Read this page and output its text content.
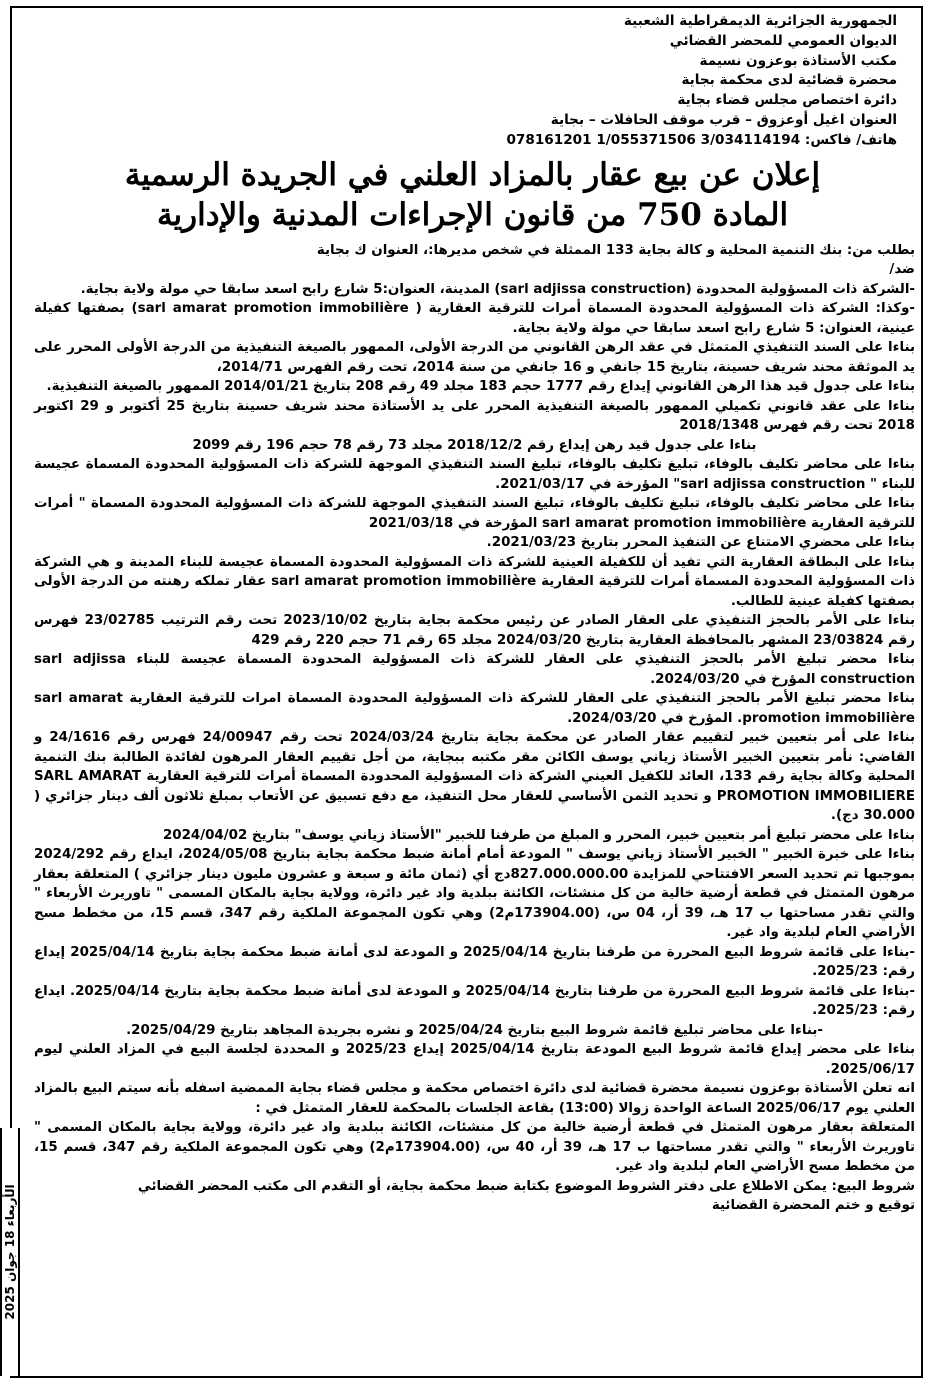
الجمهورية الجزائرية الديمقراطية الشعبية
الديوان العمومي للمحضر القضائي
مكتب الأستاذة بوعزون نسيمة
محضرة قضائية لدى محكمة بجاية
دائرة اختصاص مجلس قضاء بجاية
العنوان اغيل أوعزوق – قرب موقف الحافلات – بجاية
هاتف/ فاكس: 078161201 1/055371506 3/034114194
إعلان عن بيع عقار بالمزاد العلني في الجريدة الرسمية
المادة 750 من قانون الإجراءات المدنية والإدارية

بطلب من: بنك التنمية المحلية و كالة بجاية 133 الممثلة في شخص مديرها:، العنوان ك بجاية

ضد/

-الشركة ذات المسؤولية المحدودة (sarl adjissa construction) المدينة، العنوان:5 شارع رابح اسعد سابقا حي مولة ولاية بجاية.

-وكذا: الشركة ذات المسؤولية المحدودة المسماة أمرات للترقية العقارية ( sarl amarat promotion immobilière) بصفتها كفيلة عينية، العنوان: 5 شارع رابح اسعد سابقا حي مولة ولاية بجاية.

بناءا على السند التنفيذي المتمثل في عقد الرهن القانوني من الدرجة الأولى، الممهور بالصيغة التنفيذية من الدرجة الأولى المحرر على يد الموثقة محند شريف حسينة، بتاريخ 15 جانفي و 16 جانفي من سنة 2014، تحت رقم الفهرس 2014/71،

بناءا على جدول قيد هذا الرهن القانوني إيداع رقم 1777 حجم 183 مجلد 49 رقم 208 بتاريخ 2014/01/21 الممهور بالصيغة التنفيذية.

بناءا على عقد قانوني تكميلي الممهور بالصيغة التنفيذية المحرر على يد الأستاذة محند شريف حسينة بتاريخ 25 أكتوبر و 29 اكتوبر 2018 تحت رقم فهرس 2018/1348

بناءا على جدول قيد رهن إيداع رقم 2018/12/2 مجلد 73 رقم 78 حجم 196 رقم 2099

بناءا على محاضر تكليف بالوفاء، تبليغ تكليف بالوفاء، تبليغ السند التنفيذي الموجهة للشركة ذات المسؤولية المحدودة المسماة عجيسة للبناء " sarl adjissa construction" المؤرخة في 2021/03/17.

بناءا على محاضر تكليف بالوفاء، تبليغ تكليف بالوفاء، تبليغ السند التنفيذي الموجهة للشركة ذات المسؤولية المحدودة المسماة " أمرات للترقية العقارية sarl amarat promotion immobilière المؤرخة في 2021/03/18

بناءا على محضري الامتناع عن التنفيذ المحرر بتاريخ 2021/03/23.

بناءا على البطاقة العقارية التي تفيد أن للكفيلة العينية للشركة ذات المسؤولية المحدودة المسماة عجيسة للبناء المدينة و هي الشركة ذات المسؤولية المحدودة المسماة أمرات للترقية العقارية sarl amarat promotion immobilière عقار تملكه رهنته من الدرجة الأولى بصفتها كفيلة عينية للطالب.

بناءا على الأمر بالحجز التنفيذي على العقار الصادر عن رئيس محكمة بجاية بتاريخ 2023/10/02 تحت رقم الترتيب 23/02785 فهرس رقم 23/03824 المشهر بالمحافظة العقارية بتاريخ 2024/03/20 مجلد 65 رقم 71 حجم 220 رقم 429

بناءا محضر تبليغ الأمر بالحجز التنفيذي على العقار للشركة ذات المسؤولية المحدودة المسماة عجيسة للبناء sarl adjissa construction المؤرخ في 2024/03/20.

بناءا محضر تبليغ الأمر بالحجز التنفيذي على العقار للشركة ذات المسؤولية المحدودة المسماة امرات للترقية العقارية sarl amarat promotion immobilière. المؤرخ في 2024/03/20.

بناءا على أمر بتعيين خبير لتقييم عقار الصادر عن محكمة بجاية بتاريخ 2024/03/24 تحت رقم 24/00947 فهرس رقم 24/1616 و القاضي: نأمر بتعيين الخبير الأستاذ زياني يوسف الكائن مقر مكتبه ببجاية، من أجل تقييم العقار المرهون لفائدة الطالبة بنك التنمية المحلية وكالة بجاية رقم 133، العائد للكفيل العيني الشركة ذات المسؤولية المحدودة المسماة أمرات للترقية العقارية SARL AMARAT PROMOTION IMMOBILIERE و تحديد الثمن الأساسي للعقار محل التنفيذ، مع دفع تسبيق عن الأتعاب بمبلغ ثلاثون ألف دينار جزائري ( 30.000 دج).

بناءا على محضر تبليغ أمر بتعيين خبير، المحرر و المبلغ من طرفنا للخبير "الأستاذ زياني يوسف" بتاريخ 2024/04/02

بناءا على خبرة الخبير " الخبير الأستاذ زياني يوسف " المودعة أمام أمانة ضبط محكمة بجاية بتاريخ 2024/05/08، ايداع رقم 2024/292 بموجبها تم تحديد السعر الافتتاحي للمزايدة 827.000.000.00دج أي (ثمان مائة و سبعة و عشرون مليون دينار جزائري ) المتعلقة بعقار مرهون المتمثل في قطعة أرضية خالية من كل منشئات، الكائنة ببلدية واد غير دائرة، وولاية بجاية بالمكان المسمى " تاوريرث الأربعاء " والتي تقدر مساحتها ب 17 هـ، 39 أر، 04 س، (173904.00م2) وهي تكون المجموعة الملكية رقم 347، قسم 15، من مخطط مسح الأراضي العام لبلدية واد غير.

-بناءا على قائمة شروط البيع المحررة من طرفنا بتاريخ 2025/04/14 و المودعة لدى أمانة ضبط محكمة بجاية بتاريخ 2025/04/14 إيداع رقم: 2025/23.

-بناءا على قائمة شروط البيع المحررة من طرفنا بتاريخ 2025/04/14 و المودعة لدى أمانة ضبط محكمة بجاية بتاريخ 2025/04/14. ايداع رقم: 2025/23.

-بناءا على محاضر تبليغ قائمة شروط البيع بتاريخ 2025/04/24 و نشره بجريدة المجاهد بتاريخ 2025/04/29.

بناءا على محضر إيداع قائمة شروط البيع المودعة بتاريخ 2025/04/14 إيداع 2025/23 و المحددة لجلسة البيع في المزاد العلني ليوم 2025/06/17.

انه تعلن الأستاذة بوعزون نسيمة محضرة قضائية لدى دائرة اختصاص محكمة و مجلس قضاء بجاية الممضية اسفله بأنه سيتم البيع بالمزاد العلني يوم 2025/06/17 الساعة الواحدة زوالا (13:00) بقاعة الجلسات بالمحكمة للعقار المتمثل في :

المتعلقة بعقار مرهون المتمثل في قطعة أرضية خالية من كل منشئات، الكائنة ببلدية واد غير دائرة، وولاية بجاية بالمكان المسمى " تاوريرث الأربعاء " والتي تقدر مساحتها ب 17 هـ، 39 أر، 40 س، (173904.00م2) وهي تكون المجموعة الملكية رقم 347، قسم 15، من مخطط مسح الأراضي العام لبلدية واد غير.

شروط البيع: يمكن الاطلاع على دفتر الشروط الموضوع بكتابة ضبط محكمة بجاية، أو التقدم الى مكتب المحضر القضائي

توقيع و ختم المحضرة القضائية

الأربعاء 18 جوان 2025
